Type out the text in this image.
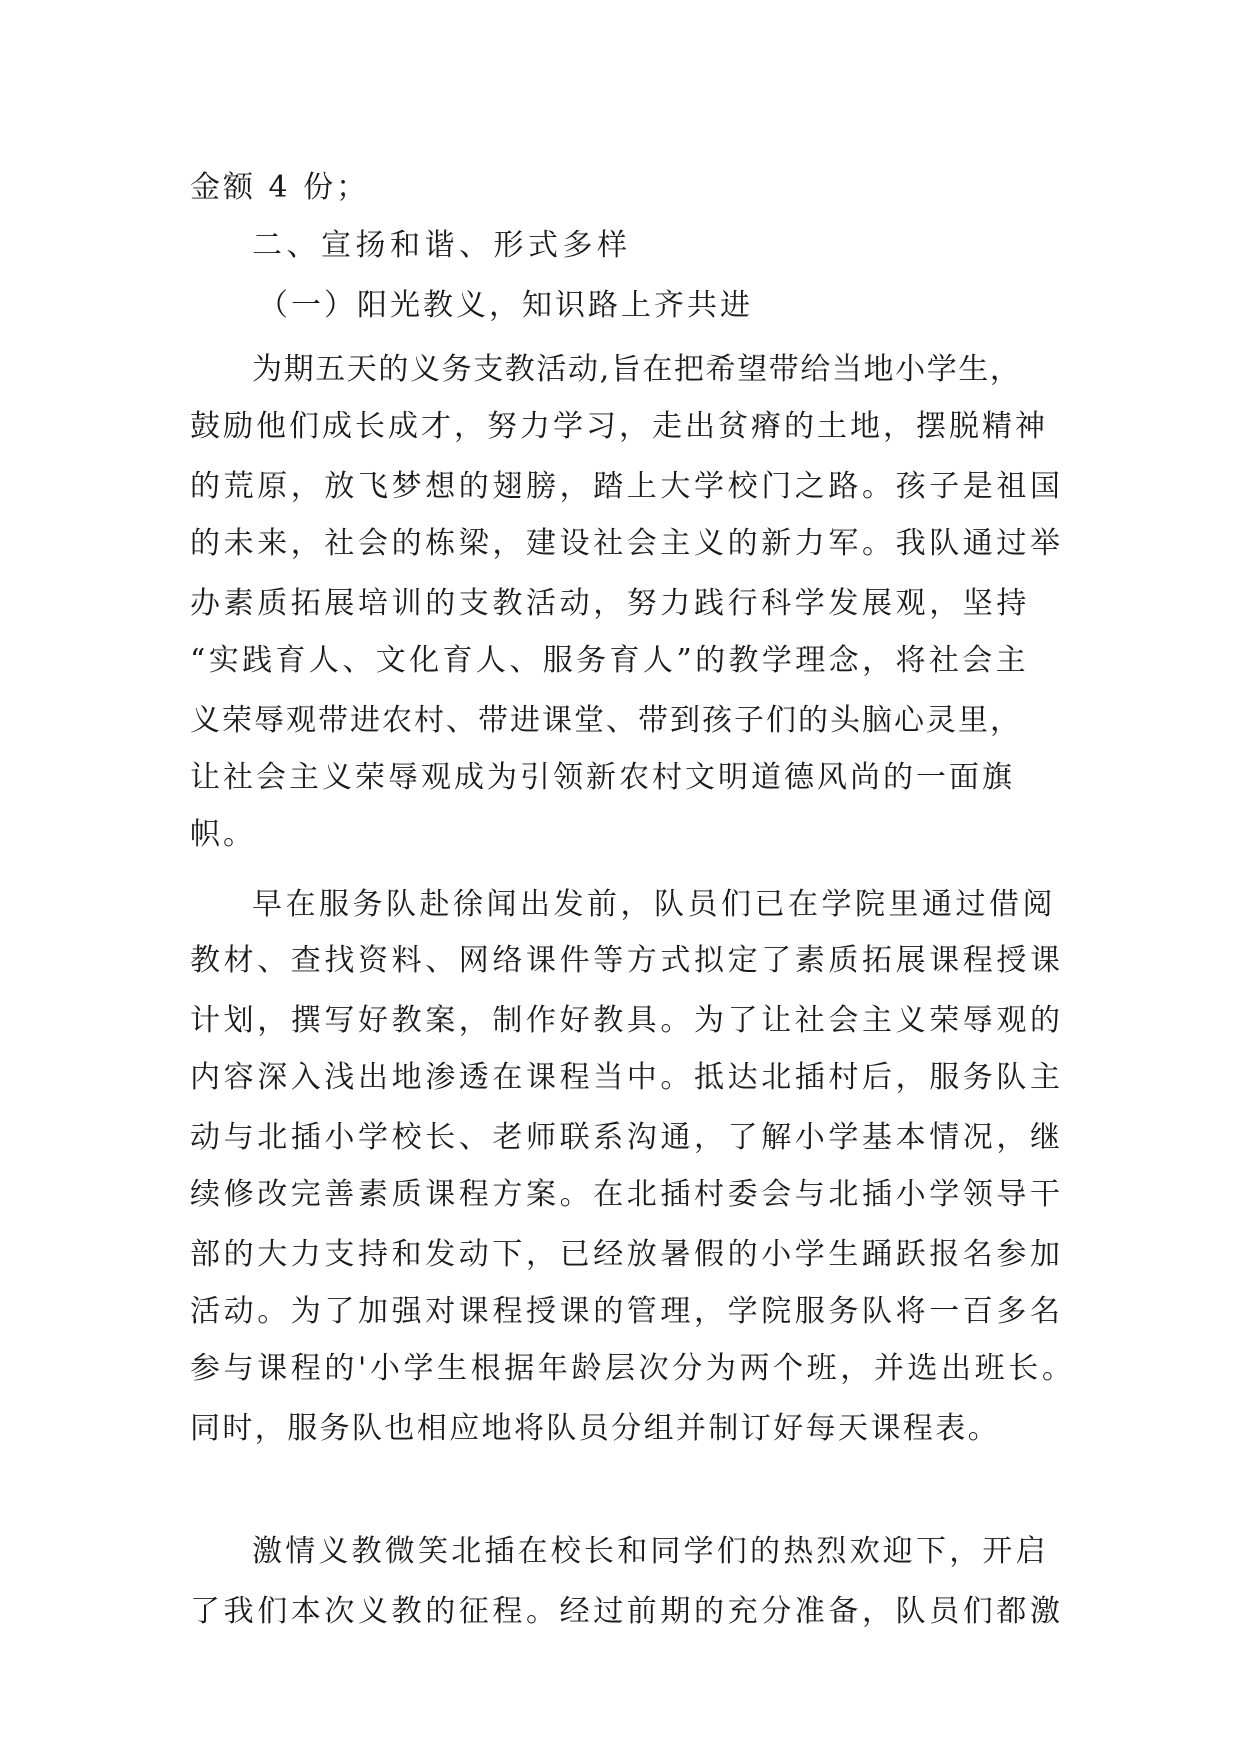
金额 4 份；
二、宣扬和谐、形式多样
（一）阳光教义，知识路上齐共进
为期五天的义务支教活动,旨在把希望带给当地小学生，
鼓励他们成长成才，努力学习，走出贫瘠的土地，摆脱精神
的荒原，放飞梦想的翅膀，踏上大学校门之路。孩子是祖国
的未来，社会的栋梁，建设社会主义的新力军。我队通过举
办素质拓展培训的支教活动，努力践行科学发展观，坚持
“实践育人、文化育人、服务育人”的教学理念，将社会主
义荣辱观带进农村、带进课堂、带到孩子们的头脑心灵里，
让社会主义荣辱观成为引领新农村文明道德风尚的一面旗
帜。
早在服务队赴徐闻出发前，队员们已在学院里通过借阅
教材、查找资料、网络课件等方式拟定了素质拓展课程授课
计划，撰写好教案，制作好教具。为了让社会主义荣辱观的
内容深入浅出地渗透在课程当中。抵达北插村后，服务队主
动与北插小学校长、老师联系沟通，了解小学基本情况，继
续修改完善素质课程方案。在北插村委会与北插小学领导干
部的大力支持和发动下，已经放暑假的小学生踊跃报名参加
活动。为了加强对课程授课的管理，学院服务队将一百多名
参与课程的'小学生根据年龄层次分为两个班，并选出班长。
同时，服务队也相应地将队员分组并制订好每天课程表。
激情义教微笑北插在校长和同学们的热烈欢迎下，开启
了我们本次义教的征程。经过前期的充分准备，队员们都激
